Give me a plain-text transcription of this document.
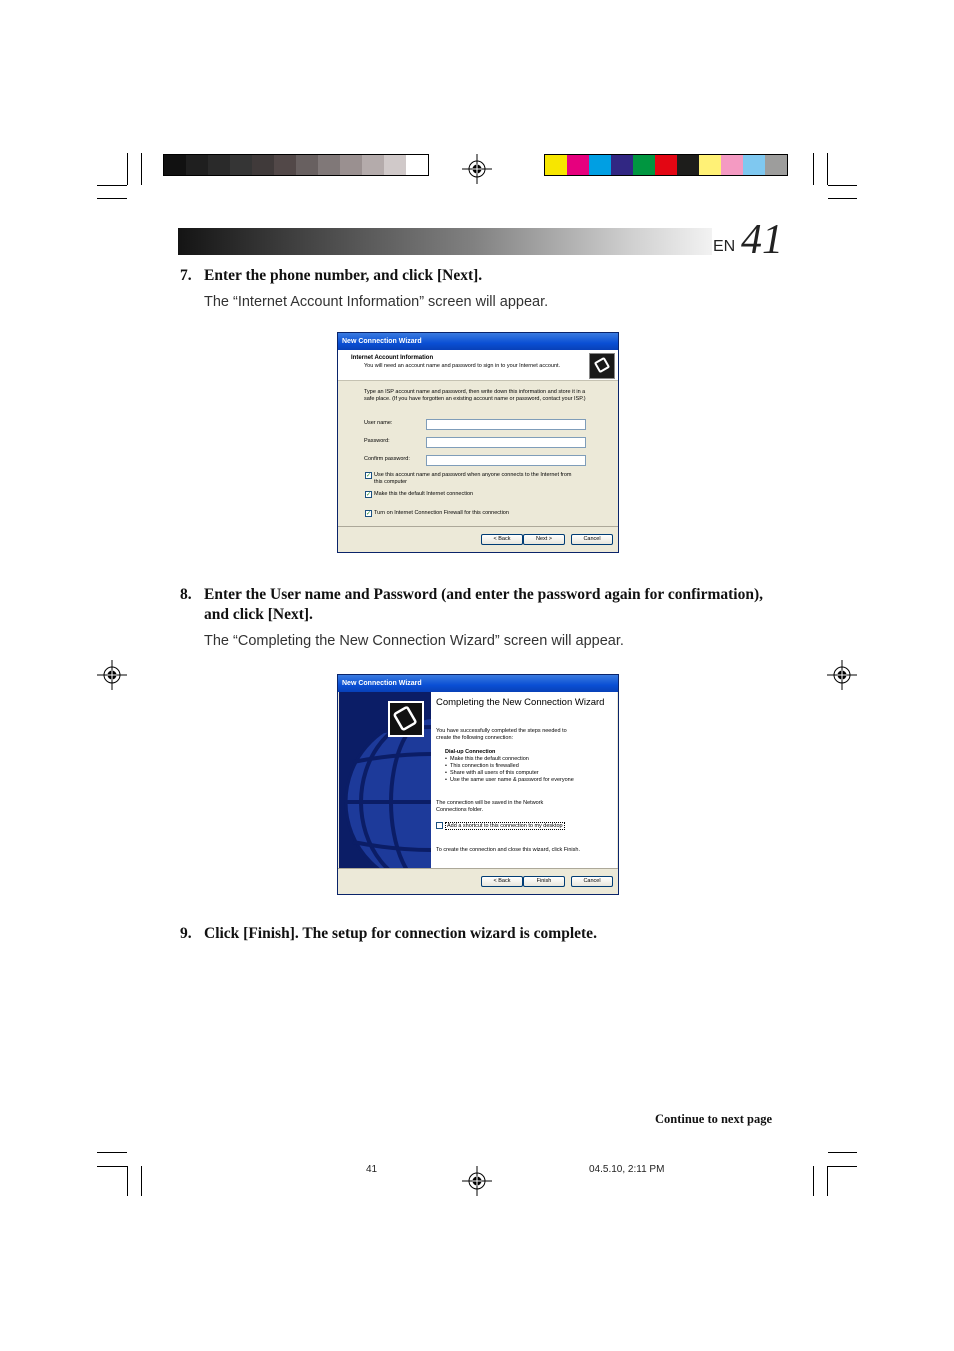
EN 41
7. Enter the phone number, and click [Next].
The “Internet Account Information” screen will appear.
New Connection Wizard
Internet Account Information
You will need an account name and password to sign in to your Internet account.
Type an ISP account name and password, then write down this information and store it in a
safe place. (If you have forgotten an existing account name or password, contact your ISP.)
User name:
Password:
Confirm password:
✓ Use this account name and password when anyone connects to the Internet from
this computer
✓ Make this the default Internet connection
✓ Turn on Internet Connection Firewall for this connection
< Back	Next >	Cancel
8. Enter the User name and Password (and enter the password again for confirmation),
and click [Next].
The “Completing the New Connection Wizard” screen will appear.
New Connection Wizard
Completing the New Connection Wizard
You have successfully completed the steps needed to
create the following connection:
Dial-up Connection
•  Make this the default connection
•  This connection is firewalled
•  Share with all users of this computer
•  Use the same user name & password for everyone
The connection will be saved in the Network
Connections folder.
Add a shortcut to this connection to my desktop
To create the connection and close this wizard, click Finish.
< Back	Finish	Cancel
9. Click [Finish]. The setup for connection wizard is complete.
Continue to next page
41	04.5.10, 2:11 PM
